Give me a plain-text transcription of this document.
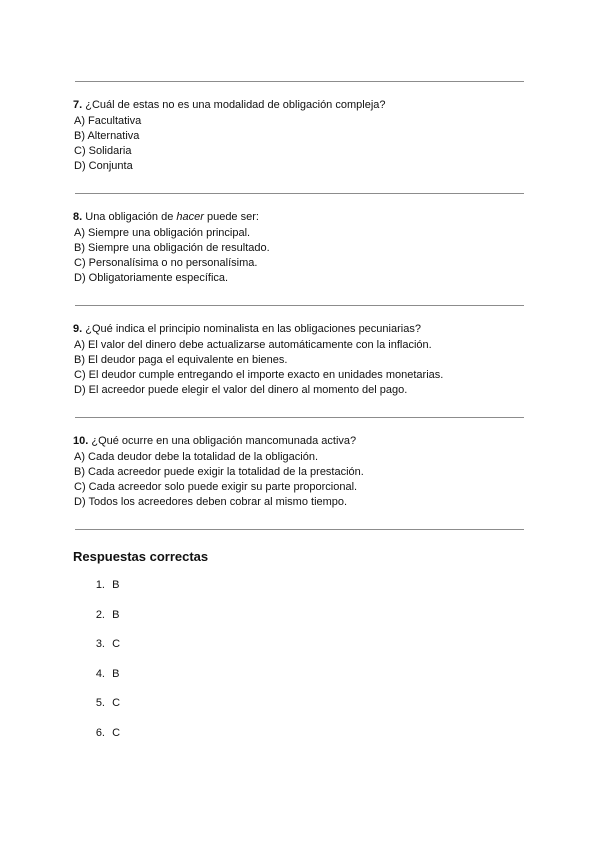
7. ¿Cuál de estas no es una modalidad de obligación compleja?

A) Facultativa

B) Alternativa

C) Solidaria

D) Conjunta

8. Una obligación de hacer puede ser:

A) Siempre una obligación principal.

B) Siempre una obligación de resultado.

C) Personalísima o no personalísima.

D) Obligatoriamente específica.

9. ¿Qué indica el principio nominalista en las obligaciones pecuniarias?

A) El valor del dinero debe actualizarse automáticamente con la inflación.

B) El deudor paga el equivalente en bienes.

C) El deudor cumple entregando el importe exacto en unidades monetarias.

D) El acreedor puede elegir el valor del dinero al momento del pago.

10. ¿Qué ocurre en una obligación mancomunada activa?

A) Cada deudor debe la totalidad de la obligación.

B) Cada acreedor puede exigir la totalidad de la prestación.

C) Cada acreedor solo puede exigir su parte proporcional.

D) Todos los acreedores deben cobrar al mismo tiempo.

Respuestas correctas
1. B
2. B
3. C
4. B
5. C
6. C
